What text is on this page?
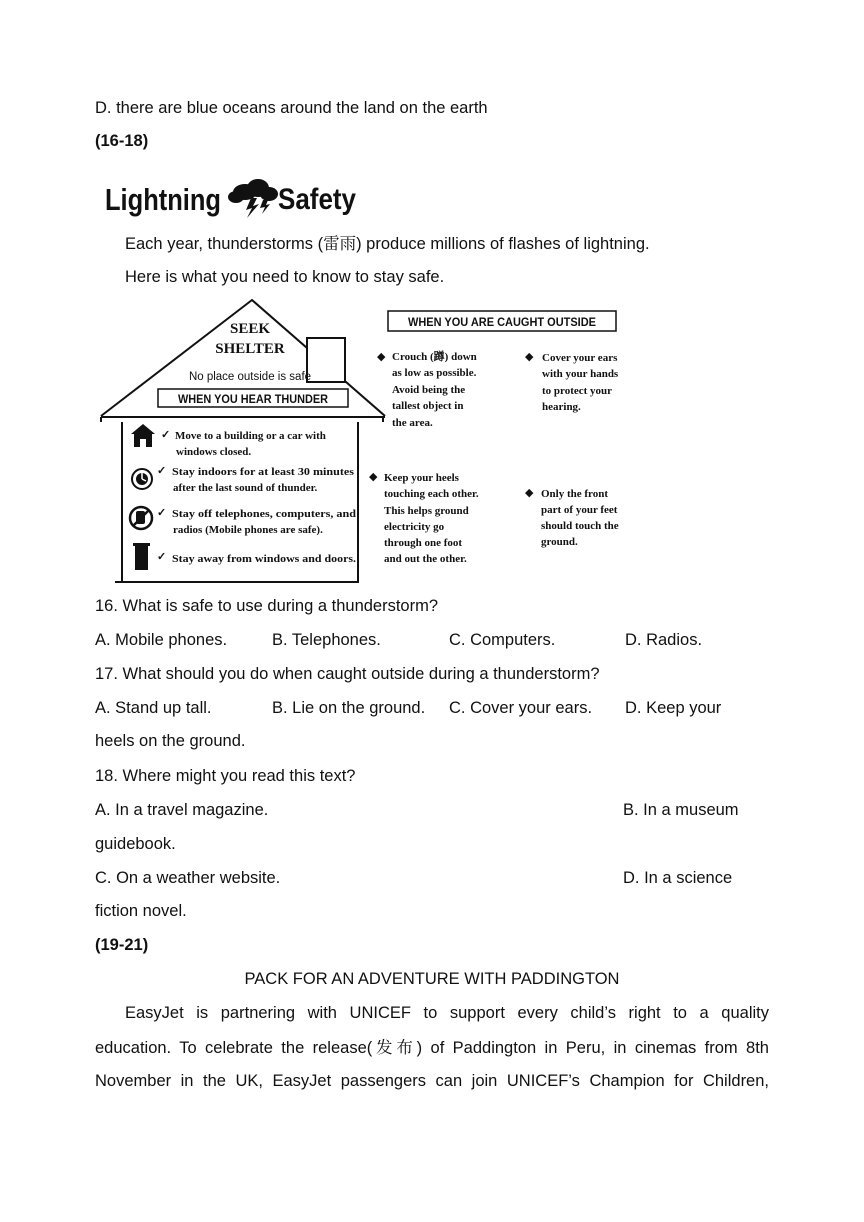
D. there are blue oceans around the land on the earth
(16-18)
Lightning Safety
Each year, thunderstorms (雷雨) produce millions of flashes of lightning.
Here is what you need to know to stay safe.
SEEK
SHELTER
No place outside is safe
WHEN YOU HEAR THUNDER
✓ Move to a building or a car with
windows closed.
✓ Stay indoors for at least 30 minutes
after the last sound of thunder.
✓ Stay off telephones, computers, and
radios (Mobile phones are safe).
✓ Stay away from windows and doors.
WHEN YOU ARE CAUGHT OUTSIDE
◆ Crouch (蹲) down
as low as possible.
Avoid being the
tallest object in
the area.
◆ Cover your ears
with your hands
to protect your
hearing.
◆ Keep your heels
touching each other.
This helps ground
electricity go
through one foot
and out the other.
◆ Only the front
part of your feet
should touch the
ground.
16. What is safe to use during a thunderstorm?
A. Mobile phones.	B. Telephones.	C. Computers.	D. Radios.
17. What should you do when caught outside during a thunderstorm?
A. Stand up tall.	B. Lie on the ground. C. Cover your ears. D. Keep your
heels on the ground.
18. Where might you read this text?
A. In a travel magazine.	B. In a museum
guidebook.
C. On a weather website.	D. In a science
fiction novel.
(19-21)
PACK FOR AN ADVENTURE WITH PADDINGTON
EasyJet is partnering with UNICEF to support every child’s right to a quality
education. To celebrate the release(发布) of Paddington in Peru, in cinemas from 8th
November in the UK, EasyJet passengers can join UNICEF’s Champion for Children,
